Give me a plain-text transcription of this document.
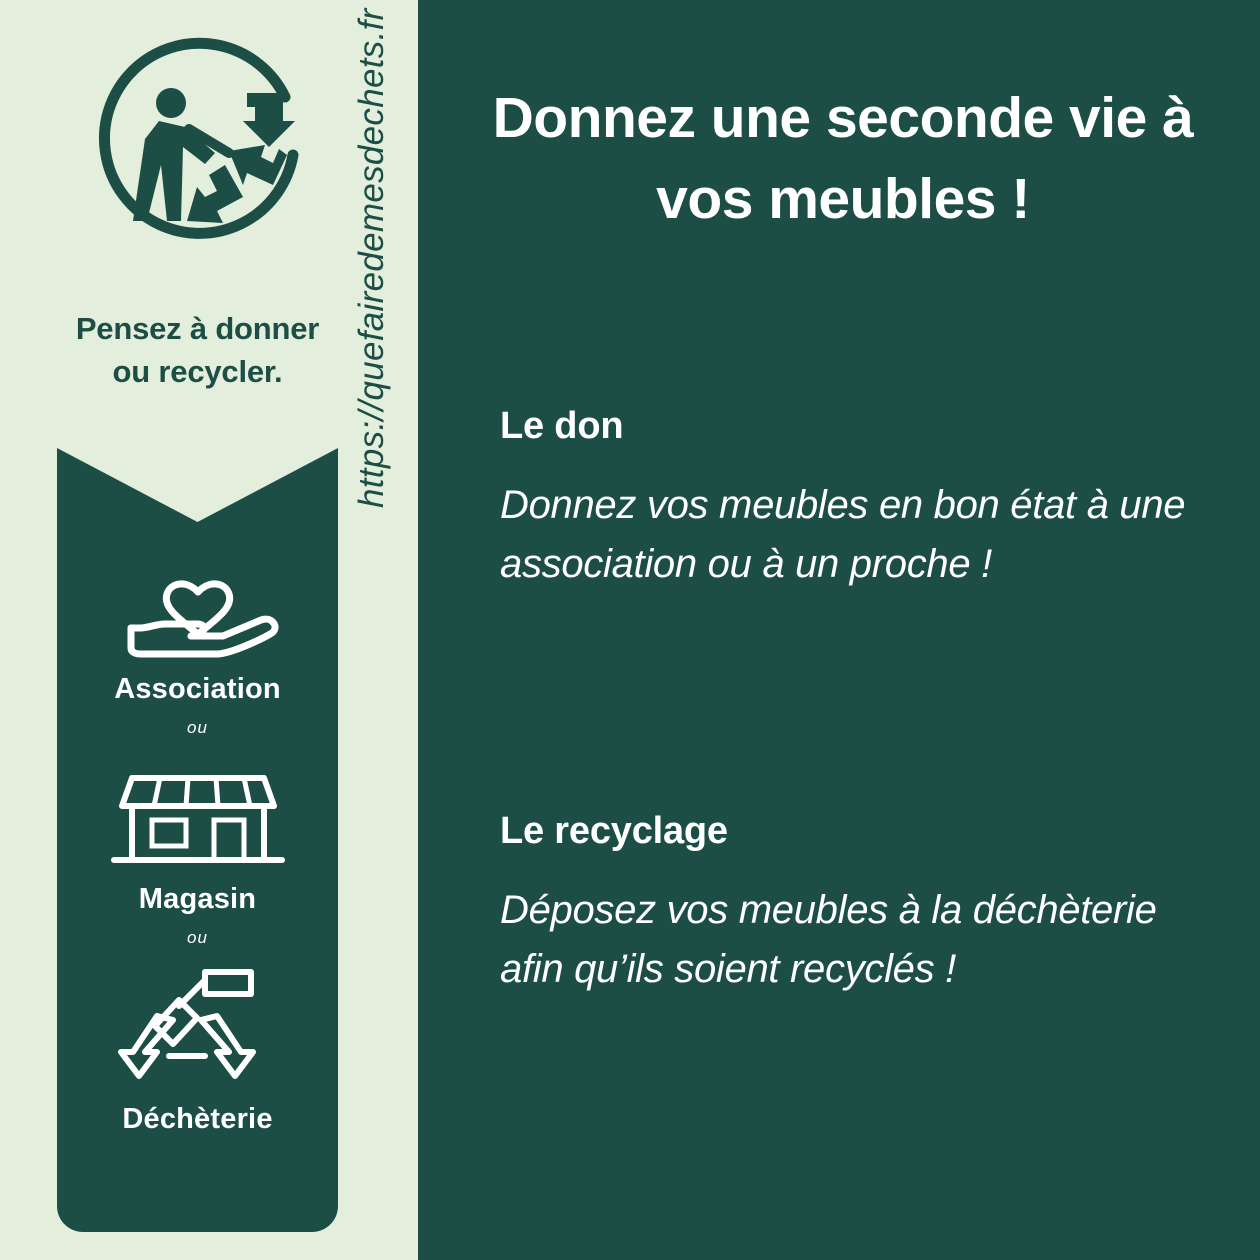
Pensez à donner ou recycler.
Association
ou
Magasin
ou
Déchèterie
https://quefairedemesdechets.fr	Donnez une seconde vie à vos meubles !
Le don
Donnez vos meubles en bon état à une association ou à un proche !
Le recyclage
Déposez vos meubles à la déchèterie afin qu’ils soient recyclés !
